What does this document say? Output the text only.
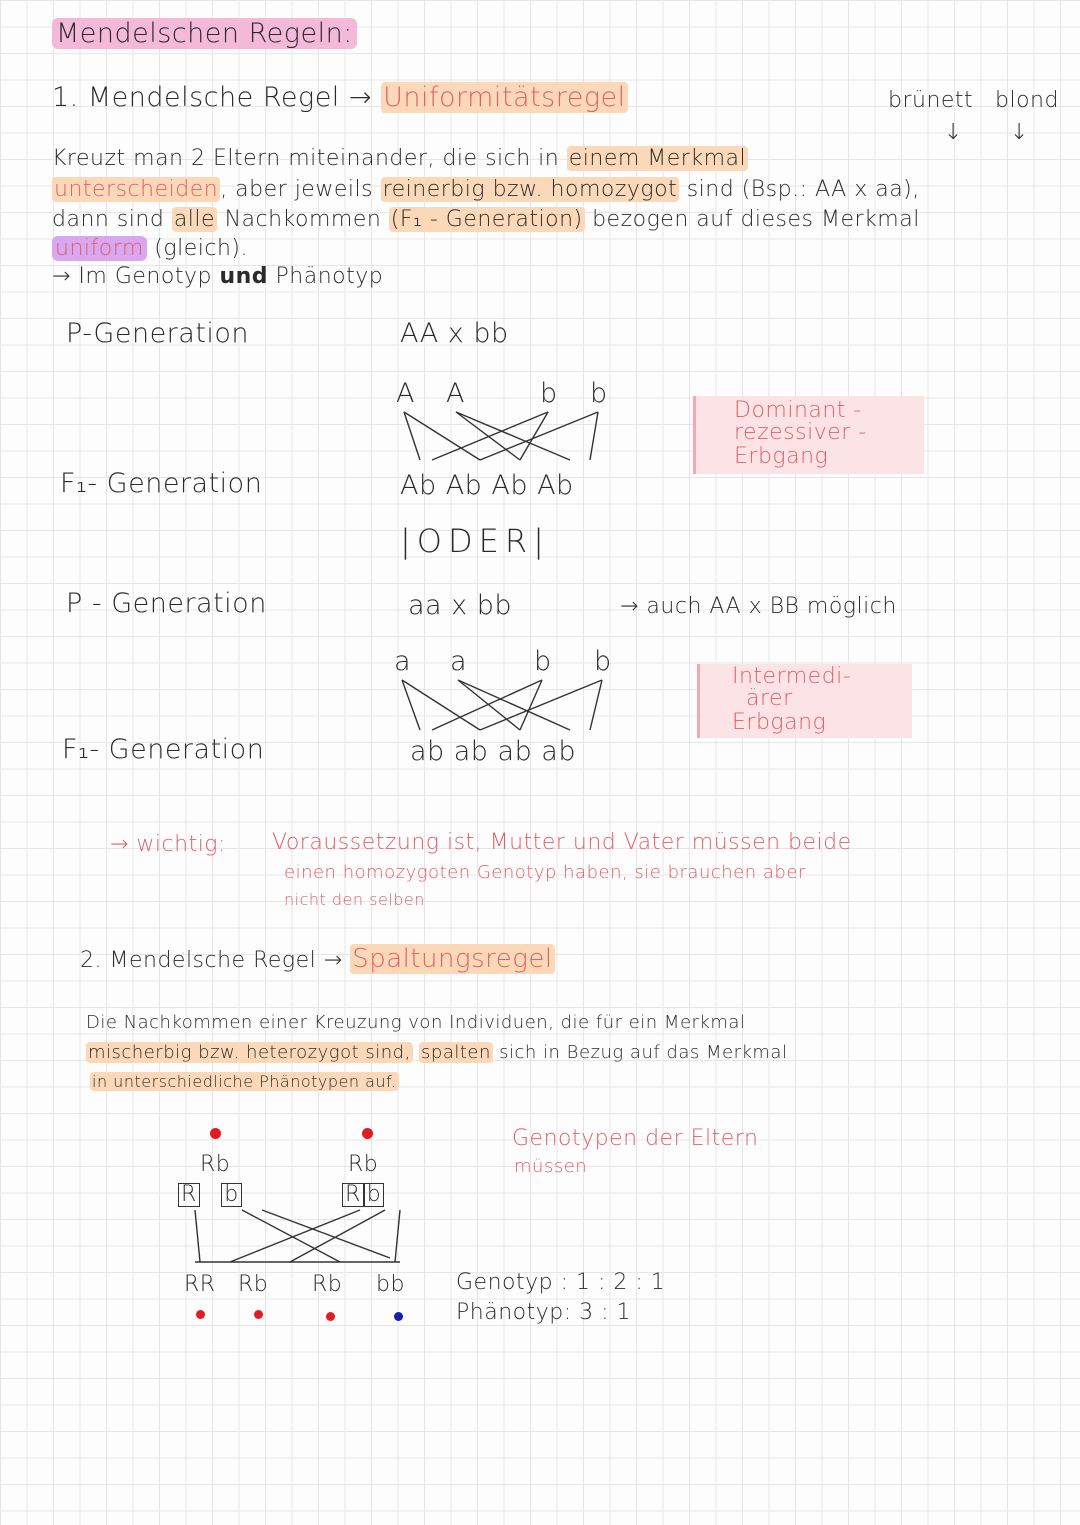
Mendelschen Regeln:
1. Mendelsche Regel → Uniformitätsregel	brünett blond
↓ ↓
Kreuzt man 2 Eltern miteinander, die sich in einem Merkmal
unterscheiden, aber jeweils reinerbig bzw. homozygot sind (Bsp.: AA x aa),
dann sind alle Nachkommen (F₁ - Generation) bezogen auf dieses Merkmal
uniform (gleich).
→ Im Genotyp und Phänotyp
P-Generation	AA x bb
A A	b b
Dominant -
rezessiver -
Erbgang
F₁- Generation	Ab Ab Ab Ab
|ODER|
P - Generation	aa x bb	→ auch AA x BB möglich
a a b b	Intermedi-
ärer
Erbgang
F₁- Generation	ab ab ab ab
→ wichtig: Voraussetzung ist, Mutter und Vater müssen beide
einen homozygoten Genotyp haben, sie brauchen aber
nicht den selben
2. Mendelsche Regel → Spaltungsregel
Die Nachkommen einer Kreuzung von Individuen, die für ein Merkmal
mischerbig bzw. heterozygot sind, spalten sich in Bezug auf das Merkmal
in unterschiedliche Phänotypen auf.
Rb	Rb
R b	R b
Genotypen der Eltern
müssen
RR Rb Rb bb Genotyp : 1 : 2 : 1
Phänotyp: 3 : 1
